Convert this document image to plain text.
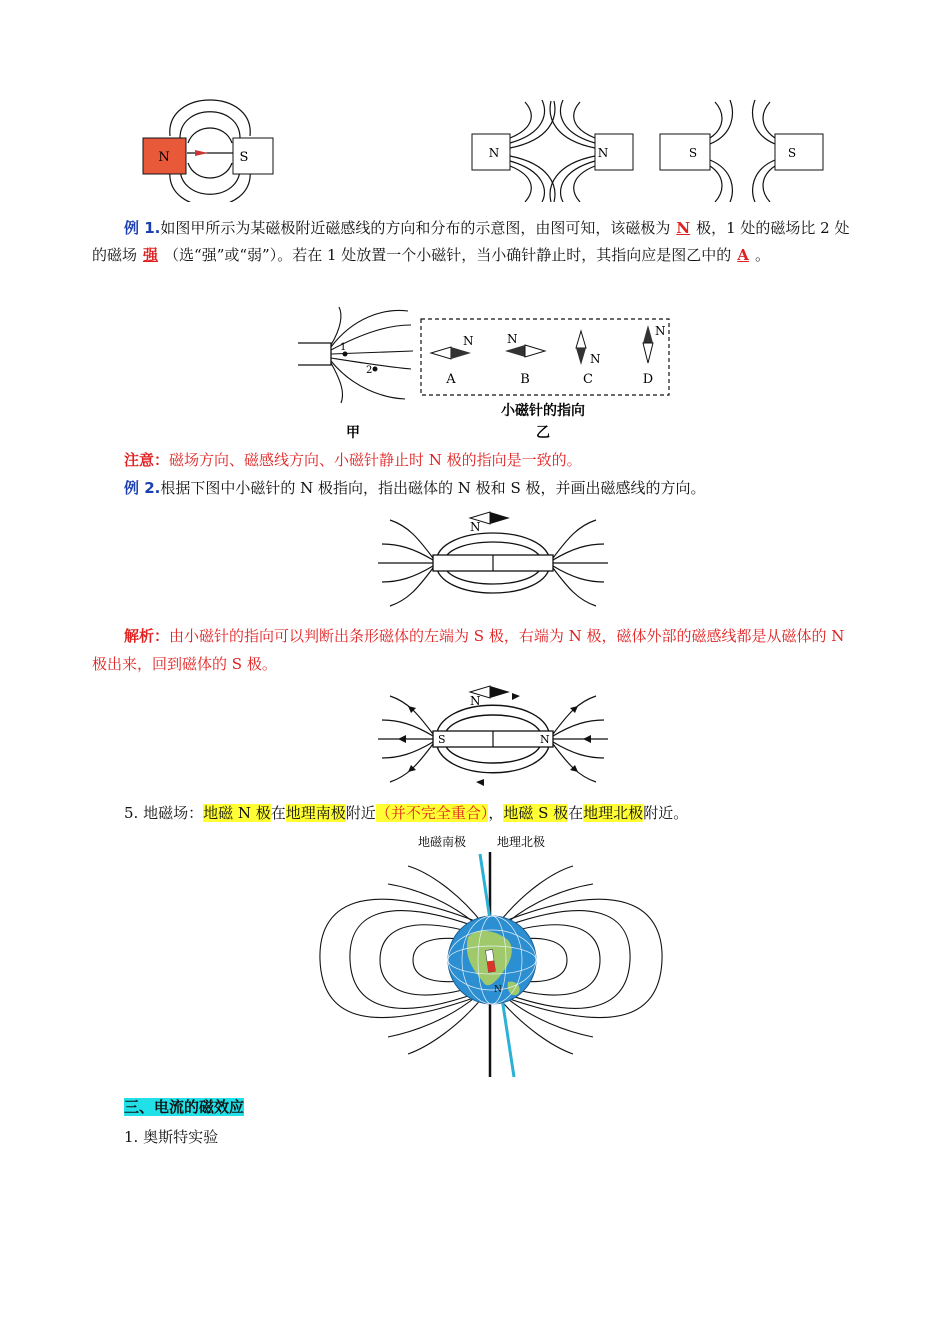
N	S	N	N	S	S
例 1.如图甲所示为某磁极附近磁感线的方向和分布的示意图，由图可知，该磁极为 N 极，1 处的磁场比 2 处的磁场 强 （选“强”或“弱”）。若在 1 处放置一个小磁针，当小确针静止时，其指向应是图乙中的 A 。
1
2
甲
N
A
N
B
N
C
N
D
小磁针的指向
乙
注意：磁场方向、磁感线方向、小磁针静止时 N 极的指向是一致的。
例 2.根据下图中小磁针的 N 极指向，指出磁体的 N 极和 S 极，并画出磁感线的方向。
N
解析：由小磁针的指向可以判断出条形磁体的左端为 S 极，右端为 N 极，磁体外部的磁感线都是从磁体的 N 极出来，回到磁体的 S 极。
S	N
N
5. 地磁场：地磁 N 极在地理南极附近（并不完全重合），地磁 S 极在地理北极附近。
地磁南极	地理北极
N
三、电流的磁效应
1. 奥斯特实验
